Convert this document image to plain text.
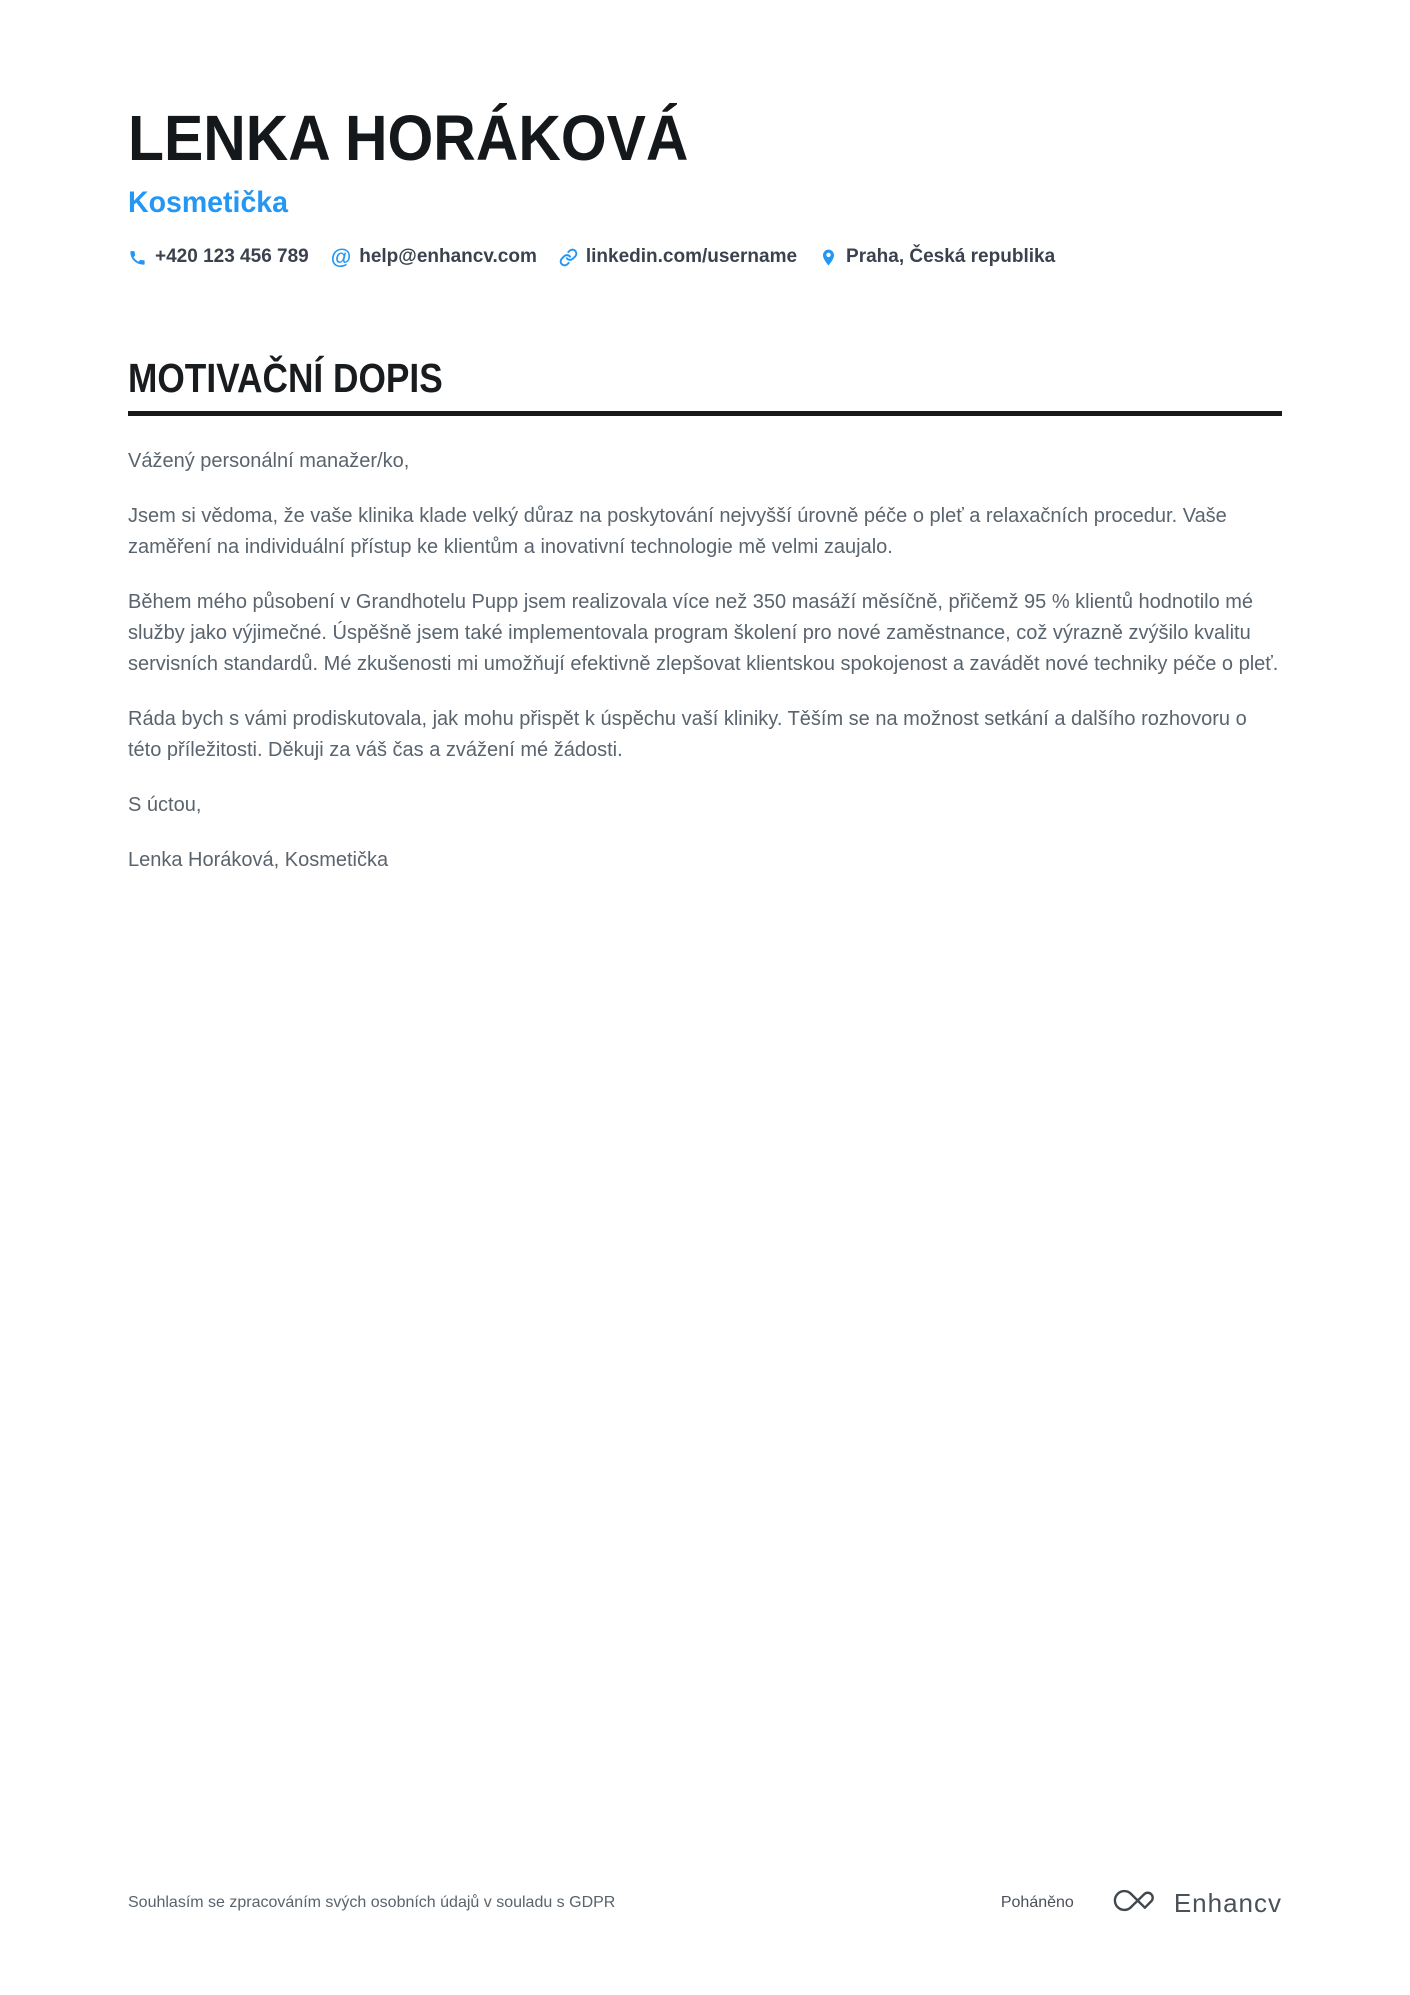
LENKA HORÁKOVÁ
Kosmetička
+420 123 456 789 @ help@enhancv.com	linkedin.com/username	Praha, Česká republika
MOTIVAČNÍ DOPIS

Vážený personální manažer/ko,

Jsem si vědoma, že vaše klinika klade velký důraz na poskytování nejvyšší úrovně péče o pleť a relaxačních procedur. Vaše zaměření na individuální přístup ke klientům a inovativní technologie mě velmi zaujalo.

Během mého působení v Grandhotelu Pupp jsem realizovala více než 350 masáží měsíčně, přičemž 95 % klientů hodnotilo mé služby jako výjimečné. Úspěšně jsem také implementovala program školení pro nové zaměstnance, což výrazně zvýšilo kvalitu servisních standardů. Mé zkušenosti mi umožňují efektivně zlepšovat klientskou spokojenost a zavádět nové techniky péče o pleť.

Ráda bych s vámi prodiskutovala, jak mohu přispět k úspěchu vaší kliniky. Těším se na možnost setkání a dalšího rozhovoru o této příležitosti. Děkuji za váš čas a zvážení mé žádosti.

S úctou,

Lenka Horáková, Kosmetička

Souhlasím se zpracováním svých osobních údajů v souladu s GDPR	Poháněno	Enhancv
